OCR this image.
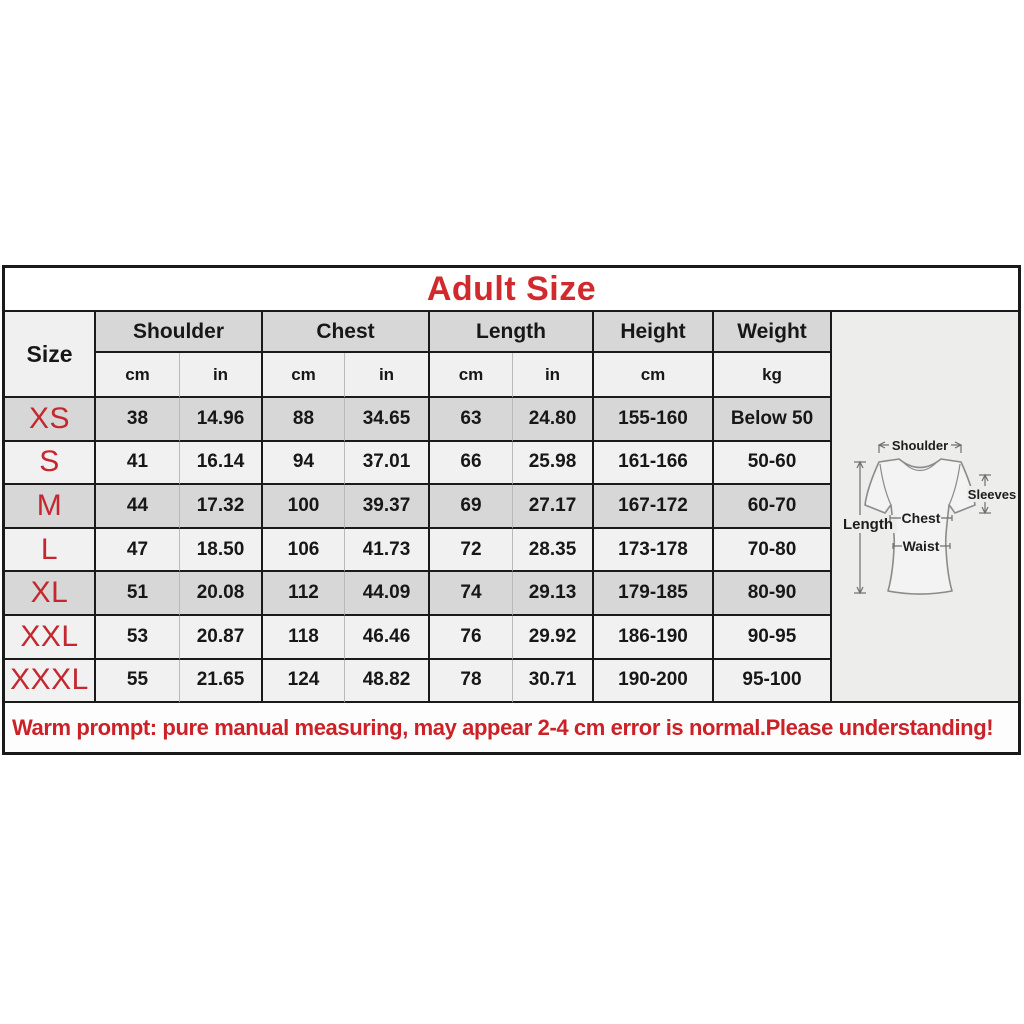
Adult Size
Size
Shoulder	Chest	Length	Height	Weight
Shoulder
Length
Sleeves
Chest
Waist
cm	in	cm	in	cm	in	cm	kg
XS	38	14.96	88	34.65	63	24.80	155-160	Below 50
S	41	16.14	94	37.01	66	25.98	161-166	50-60
M	44	17.32	100	39.37	69	27.17	167-172	60-70
L	47	18.50	106	41.73	72	28.35	173-178	70-80
XL	51	20.08	112	44.09	74	29.13	179-185	80-90
XXL	53	20.87	118	46.46	76	29.92	186-190	90-95
XXXL	55	21.65	124	48.82	78	30.71	190-200	95-100
Warm prompt: pure manual measuring, may appear 2-4 cm error is normal.Please understanding!
